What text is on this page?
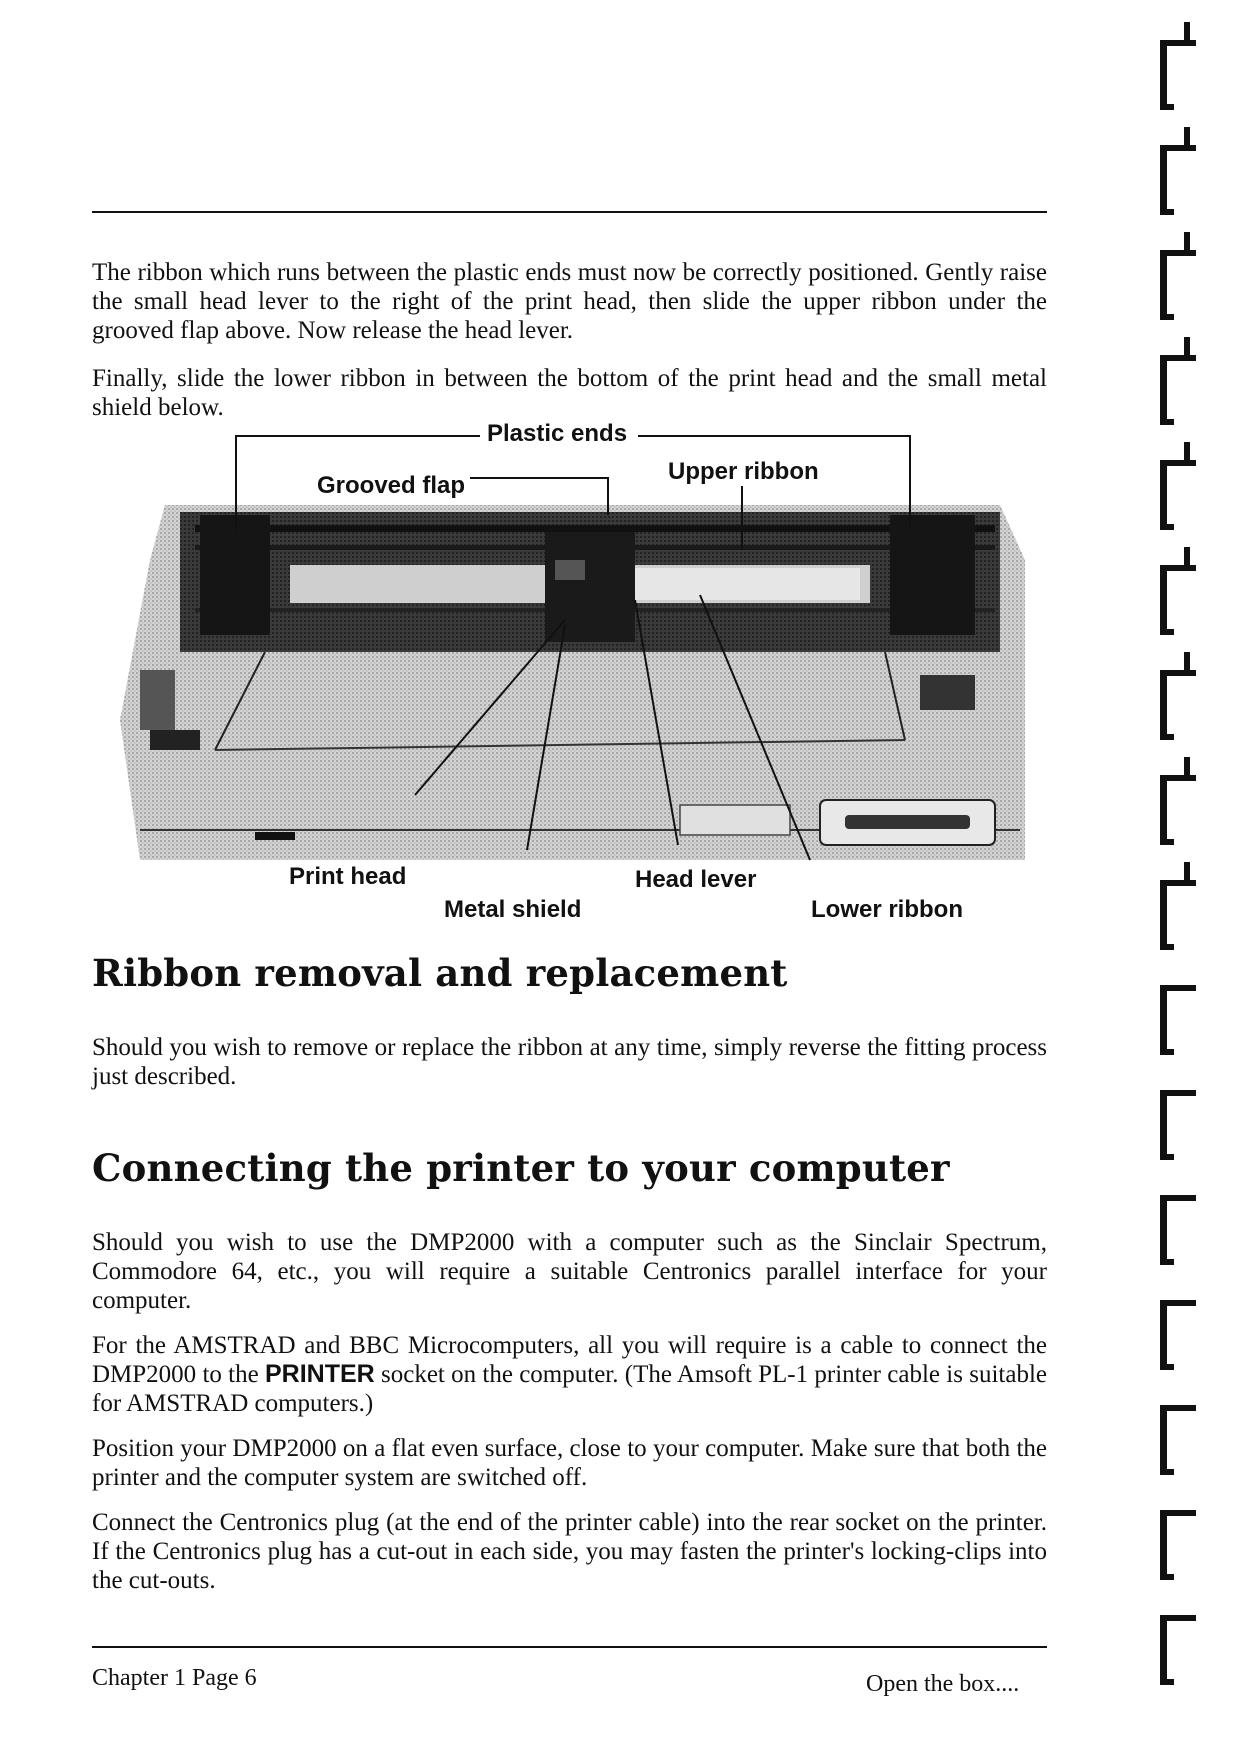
The ribbon which runs between the plastic ends must now be correctly positioned. Gently raise the small head lever to the right of the print head, then slide the upper ribbon under the grooved flap above. Now release the head lever.

Finally, slide the lower ribbon in between the bottom of the print head and the small metal shield below.

Plastic ends
Grooved flap
Upper ribbon
Print head
Metal shield
Head lever
Lower ribbon
Ribbon removal and replacement

Should you wish to remove or replace the ribbon at any time, simply reverse the fitting process just described.

Connecting the printer to your computer

Should you wish to use the DMP2000 with a computer such as the Sinclair Spectrum, Commodore 64, etc., you will require a suitable Centronics parallel interface for your computer.

For the AMSTRAD and BBC Microcomputers, all you will require is a cable to connect the DMP2000 to the PRINTER socket on the computer. (The Amsoft PL-1 printer cable is suitable for AMSTRAD computers.)

Position your DMP2000 on a flat even surface, close to your computer. Make sure that both the printer and the computer system are switched off.

Connect the Centronics plug (at the end of the printer cable) into the rear socket on the printer. If the Centronics plug has a cut-out in each side, you may fasten the printer's locking-clips into the cut-outs.

Chapter 1 Page 6	Open the box....
